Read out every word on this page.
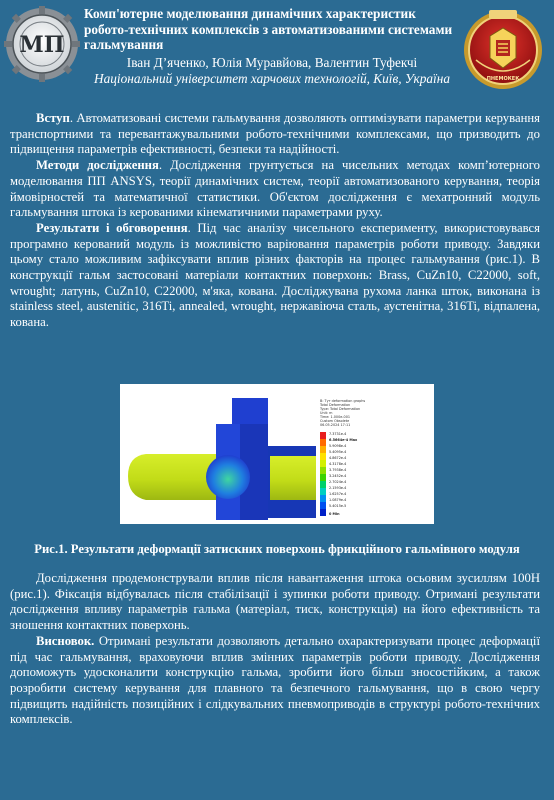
МП
Комп'ютерне моделювання динамічних характеристик робото-технічних комплексів з автоматизованими системами гальмування
Іван Д’яченко, Юлія Муравйова, Валентин Туфекчі
Національний університет харчових технологій, Київ, Україна	ПНЕМОКЕК

Вступ. Автоматизовані системи гальмування дозволяють оптимізувати параметри керування транспортними та перевантажувальними робото-технічними комплексами, що призводить до підвищення параметрів ефективності, безпеки та надійності.

Методи дослідження. Дослідження грунтується на чисельних методах комп’ютерного моделювання ПП ANSYS, теорії динамічних систем, теорії автоматизованого керування, теорія ймовірностей та математичної статистики. Об'єктом дослідження є мехатронний модуль гальмування штока із керованими кінематичними параметрами руху.

Результати і обговорення. Під час аналізу чисельного експерименту, використовувався програмно керований модуль із можливістю варіювання параметрів роботи приводу. Завдяки цьому стало можливим зафіксувати вплив різних факторів на процес гальмування (рис.1). В конструкції гальм застосовані матеріали контактних поверхонь: Brass, CuZn10, C22000, soft, wrought; латунь, CuZn10, C22000, м'яка, кована. Досліджувана рухома ланка шток, виконана із stainless steel, austenitic, 316Ti, annealed, wrought, нержавіюча сталь, аустенітна, 316Ti, відпалена, кована.

B: Тут deformation graphs
Total Deformation
Type: Total Deformation
Unit: m
Time: 1.000e-001
Custom Obsolete
06.05.2024 17:11
7.3731e-4
6.5664e-4 Max
5.9098e-4
5.4095e-4
4.8672e-4
4.3178e-4
3.7938e-4
3.2452e-4
2.7024e-4
2.1593e-4
1.6257e-4
1.0879e-4
5.4015e-5
0 Min
Рис.1. Результати деформації затискних поверхонь фрикційного гальмівного модуля

Дослідження продемонстрували вплив після навантаження штока осьовим зусиллям 100Н (рис.1). Фіксація відбувалась після стабілізації і зупинки роботи приводу. Отримані результати дослідження впливу параметрів гальма (матеріал, тиск, конструкція) на його ефективність та зношення контактних поверхонь.

Висновок. Отримані результати дозволяють детально охарактеризувати процес деформації під час гальмування, враховуючи вплив змінних параметрів роботи приводу. Дослідження допоможуть удосконалити конструкцію гальма, зробити його більш зносостійким, а також розробити систему керування для плавного та безпечного гальмування, що в свою чергу підвищить надійність позиційних і слідкувальних пневмоприводів в структурі робото-технічних комплексів.
